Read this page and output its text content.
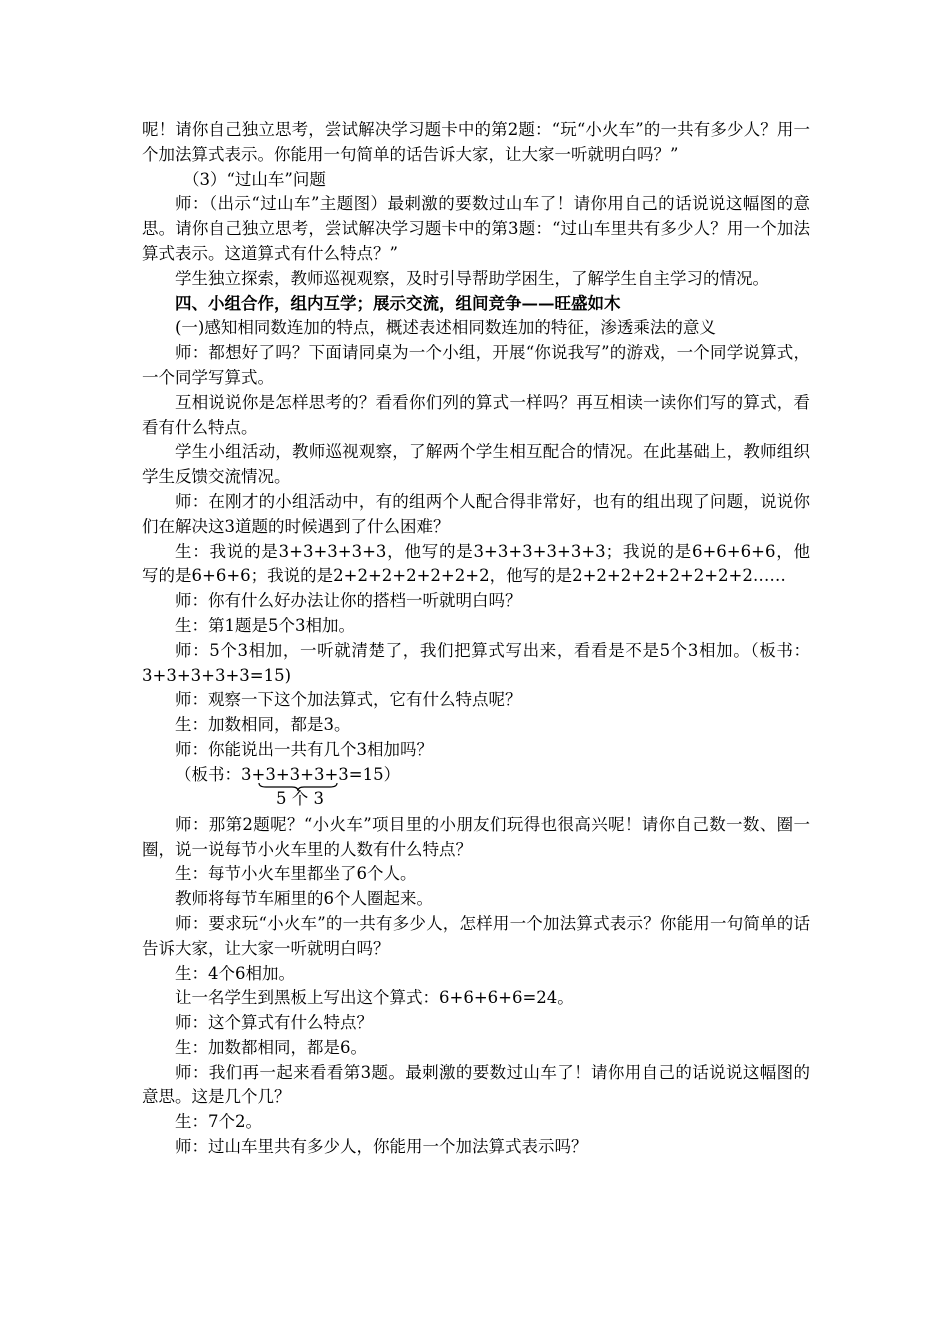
呢！请你自己独立思考，尝试解决学习题卡中的第2题：“玩“小火车”的一共有多少人？用一个加法算式表示。你能用一句简单的话告诉大家，让大家一听就明白吗？”

（3）“过山车”问题

师：（出示“过山车”主题图）最刺激的要数过山车了！请你用自己的话说说这幅图的意思。请你自己独立思考，尝试解决学习题卡中的第3题：“过山车里共有多少人？用一个加法算式表示。这道算式有什么特点？”

学生独立探索，教师巡视观察，及时引导帮助学困生，了解学生自主学习的情况。

四、小组合作，组内互学；展示交流，组间竞争——旺盛如木

(一)感知相同数连加的特点，概述表述相同数连加的特征，渗透乘法的意义

师：都想好了吗？下面请同桌为一个小组，开展“你说我写”的游戏，一个同学说算式，一个同学写算式。

互相说说你是怎样思考的？看看你们列的算式一样吗？再互相读一读你们写的算式，看看有什么特点。

学生小组活动，教师巡视观察，了解两个学生相互配合的情况。在此基础上，教师组织学生反馈交流情况。

师：在刚才的小组活动中，有的组两个人配合得非常好，也有的组出现了问题，说说你们在解决这3道题的时候遇到了什么困难？

生：我说的是3+3+3+3+3，他写的是3+3+3+3+3+3；我说的是6+6+6+6，他写的是6+6+6；我说的是2+2+2+2+2+2+2，他写的是2+2+2+2+2+2+2+2……

师：你有什么好办法让你的搭档一听就明白吗？

生：第1题是5个3相加。

师：5个3相加，一听就清楚了，我们把算式写出来，看看是不是5个3相加。（板书：3+3+3+3+3=15)

师：观察一下这个加法算式，它有什么特点呢？

生：加数相同，都是3。

师：你能说出一共有几个3相加吗？

（板书：3+3+3+3+3=15）
5 个 3

师：那第2题呢？“小火车”项目里的小朋友们玩得也很高兴呢！请你自己数一数、圈一圈，说一说每节小火车里的人数有什么特点？

生：每节小火车里都坐了6个人。

教师将每节车厢里的6个人圈起来。

师：要求玩“小火车”的一共有多少人，怎样用一个加法算式表示？你能用一句简单的话告诉大家，让大家一听就明白吗？

生：4个6相加。

让一名学生到黑板上写出这个算式：6+6+6+6=24。

师：这个算式有什么特点？

生：加数都相同，都是6。

师：我们再一起来看看第3题。最刺激的要数过山车了！请你用自己的话说说这幅图的意思。这是几个几？

生：7个2。

师：过山车里共有多少人，你能用一个加法算式表示吗？
